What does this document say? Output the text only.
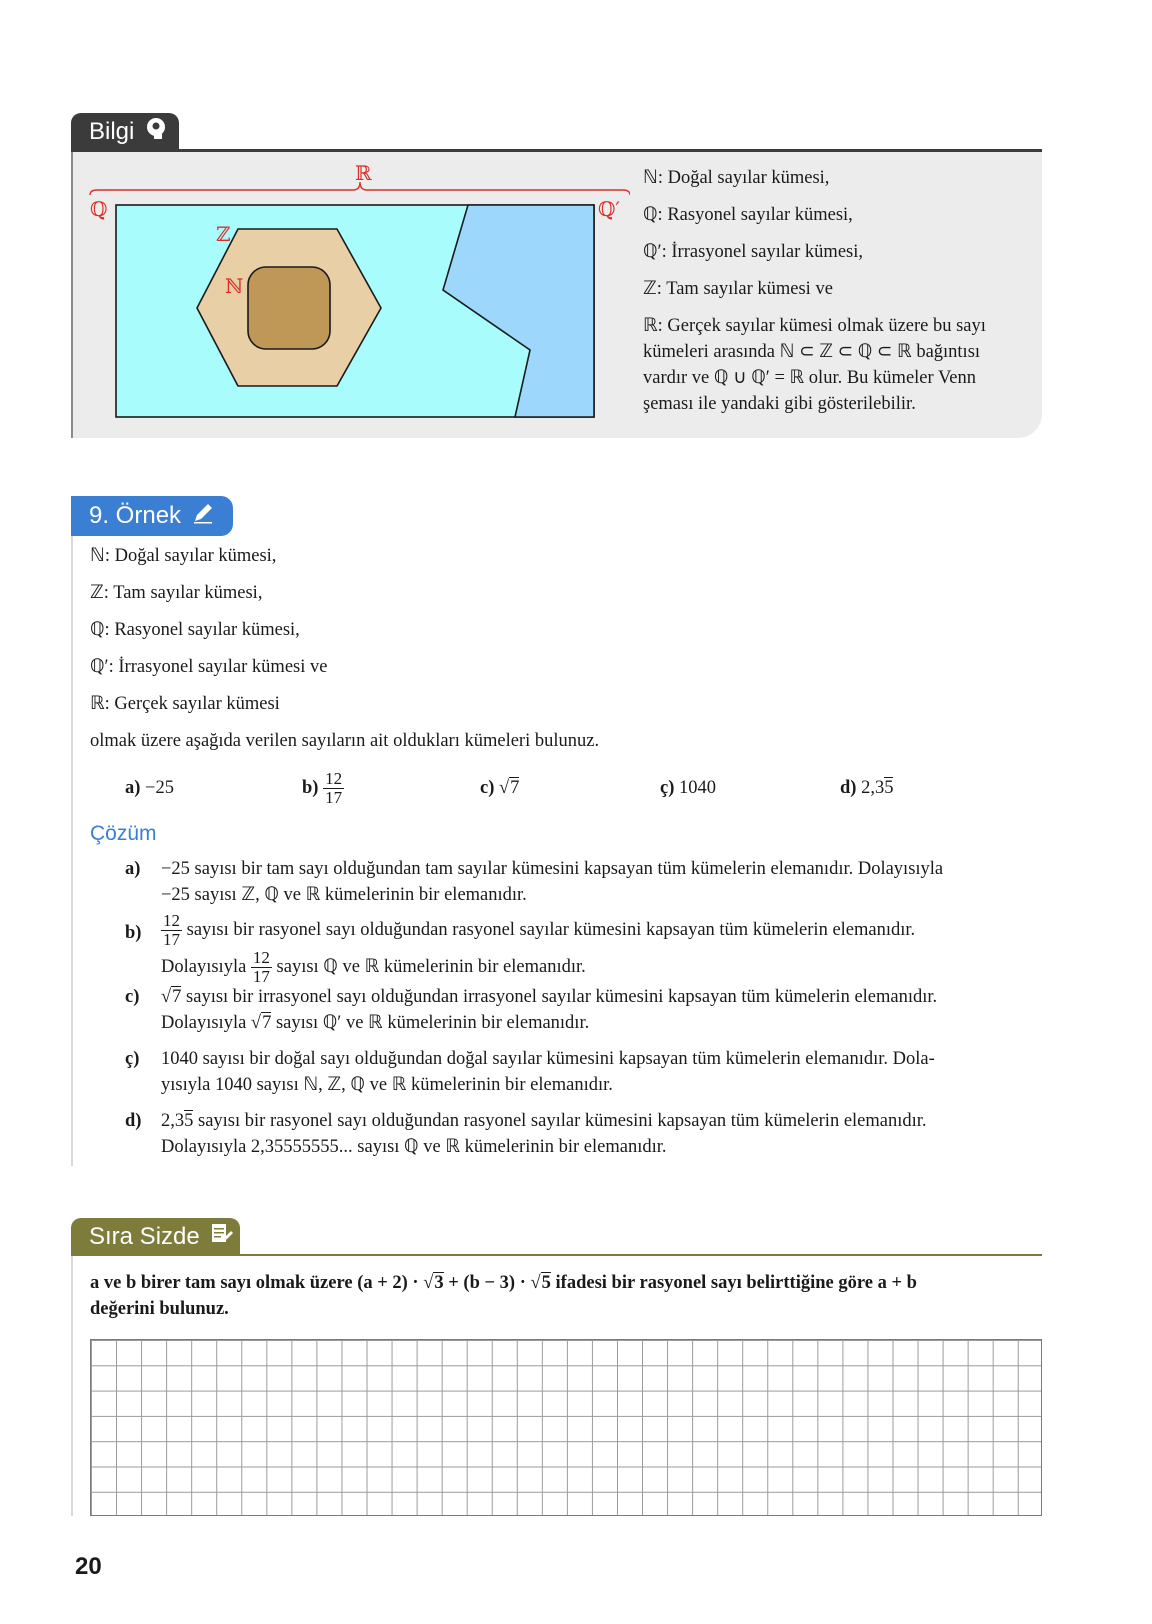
Bilgi
ℝ
ℚ	ℚ′
ℤ
ℕ

ℕ: Doğal sayılar kümesi,

ℚ: Rasyonel sayılar kümesi,

ℚ′: İrrasyonel sayılar kümesi,

ℤ: Tam sayılar kümesi ve

ℝ: Gerçek sayılar kümesi olmak üzere bu sayı

kümeleri arasında ℕ ⊂ ℤ ⊂ ℚ ⊂ ℝ bağıntısı

vardır ve ℚ ∪ ℚ′ = ℝ olur. Bu kümeler Venn

şeması ile yandaki gibi gösterilebilir.

9. Örnek
ℕ: Doğal sayılar kümesi,
ℤ: Tam sayılar kümesi,
ℚ: Rasyonel sayılar kümesi,
ℚ′: İrrasyonel sayılar kümesi ve
ℝ: Gerçek sayılar kümesi
olmak üzere aşağıda verilen sayıların ait oldukları kümeleri bulunuz.
a) −25	$b) \frac{12}{17}$	c) √7	ç) 1040	d) 2,35
Çözüm
a) −25 sayısı bir tam sayı olduğundan tam sayılar kümesini kapsayan tüm kümelerin elemanıdır. Dolayısıyla
−25 sayısı ℤ, ℚ ve ℝ kümelerinin bir elemanıdır.
$b) \frac{12}{17}$ sayısı bir rasyonel sayı olduğundan rasyonel sayılar kümesini kapsayan tüm kümelerin elemanıdır.
Dolayısıyla $\frac{12}{17}$ sayısı ℚ ve ℝ kümelerinin bir elemanıdır.
c) √7 sayısı bir irrasyonel sayı olduğundan irrasyonel sayılar kümesini kapsayan tüm kümelerin elemanıdır.
Dolayısıyla √7 sayısı ℚ′ ve ℝ kümelerinin bir elemanıdır.
ç) 1040 sayısı bir doğal sayı olduğundan doğal sayılar kümesini kapsayan tüm kümelerin elemanıdır. Dola-
yısıyla 1040 sayısı ℕ, ℤ, ℚ ve ℝ kümelerinin bir elemanıdır.
d) 2,35 sayısı bir rasyonel sayı olduğundan rasyonel sayılar kümesini kapsayan tüm kümelerin elemanıdır.
Dolayısıyla 2,35555555... sayısı ℚ ve ℝ kümelerinin bir elemanıdır.
Sıra Sizde
a ve b birer tam sayı olmak üzere (a + 2) · √3 + (b − 3) · √5 ifadesi bir rasyonel sayı belirttiğine göre a + b
değerini bulunuz.
20
